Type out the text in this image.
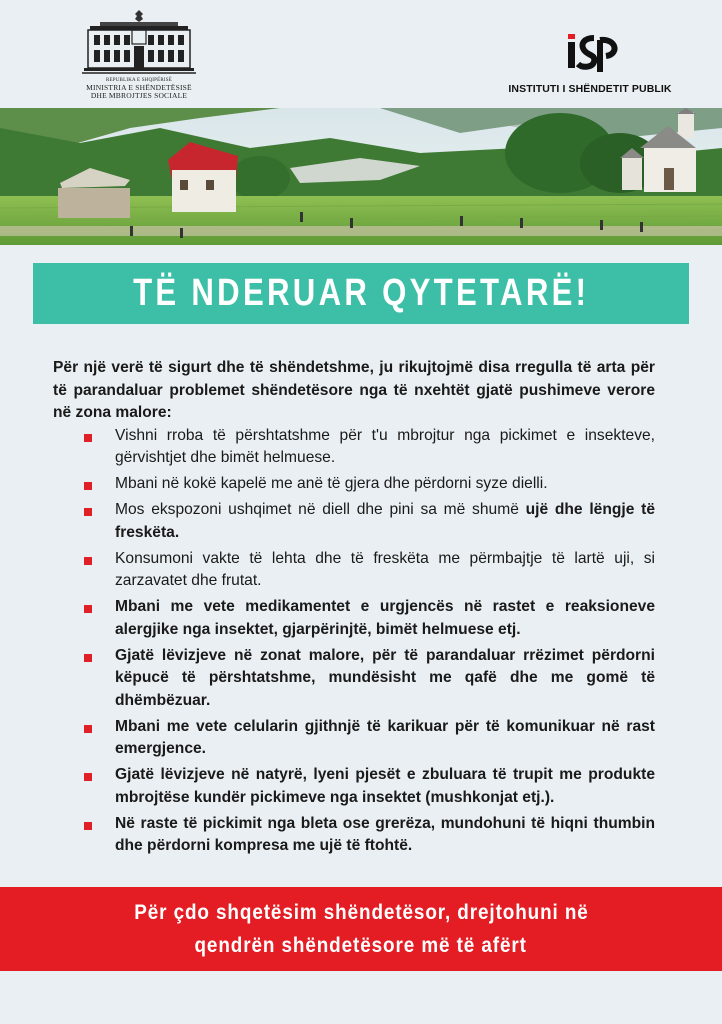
REPUBLIKA E SHQIPËRISË
MINISTRIA E SHËNDETËSISË
DHE MBROJTJES SOCIALE
INSTITUTI I SHËNDETIT PUBLIK
TË NDERUAR QYTETARË!

Për një verë të sigurt dhe të shëndetshme, ju rikujtojmë disa rregulla të arta për të parandaluar problemet shëndetësore nga të nxehtët gjatë pushimeve verore në zona malore:

Vishni rroba të përshtatshme për t'u mbrojtur nga pickimet e insekteve, gërvishtjet dhe bimët helmuese.
Mbani në kokë kapelë me anë të gjera dhe përdorni syze dielli.
Mos ekspozoni ushqimet në diell dhe pini sa më shumë ujë dhe lëngje të freskëta.
Konsumoni vakte të lehta dhe të freskëta me përmbajtje të lartë uji, si zarzavatet dhe frutat.
Mbani me vete medikamentet e urgjencës në rastet e reaksioneve alergjike nga insektet, gjarpërinjtë, bimët helmuese etj.
Gjatë lëvizjeve në zonat malore, për të parandaluar rrëzimet përdorni këpucë të përshtatshme, mundësisht me qafë dhe me gomë të dhëmbëzuar.
Mbani me vete celularin gjithnjë të karikuar për të komunikuar në rast emergjence.
Gjatë lëvizjeve në natyrë, lyeni pjesët e zbuluara të trupit me produkte mbrojtëse kundër pickimeve nga insektet (mushkonjat etj.).
Në raste të pickimit nga bleta ose grerëza, mundohuni të hiqni thumbin dhe përdorni kompresa me ujë të ftohtë.
Për çdo shqetësim shëndetësor, drejtohuni në
qendrën shëndetësore më të afërt
